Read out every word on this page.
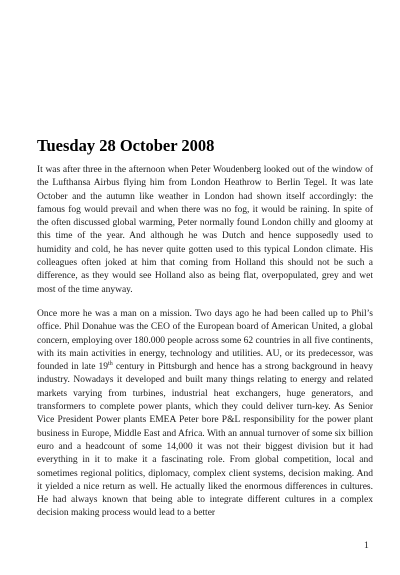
Tuesday 28 October 2008

It was after three in the afternoon when Peter Woudenberg looked out of the window of the Lufthansa Airbus flying him from London Heathrow to Berlin Tegel. It was late October and the autumn like weather in London had shown itself accordingly: the famous fog would prevail and when there was no fog, it would be raining. In spite of the often discussed global warming, Peter normally found London chilly and gloomy at this time of the year. And although he was Dutch and hence supposedly used to humidity and cold, he has never quite gotten used to this typical London climate. His colleagues often joked at him that coming from Holland this should not be such a difference, as they would see Holland also as being flat, overpopulated, grey and wet most of the time anyway.

Once more he was a man on a mission. Two days ago he had been called up to Phil’s office. Phil Donahue was the CEO of the European board of American United, a global concern, employing over 180.000 people across some 62 countries in all five continents, with its main activities in energy, technology and utilities. AU, or its predecessor, was founded in late 19th century in Pittsburgh and hence has a strong background in heavy industry. Nowadays it developed and built many things relating to energy and related markets varying from turbines, industrial heat exchangers, huge generators, and transformers to complete power plants, which they could deliver turn-key. As Senior Vice President Power plants EMEA Peter bore P&L responsibility for the power plant business in Europe, Middle East and Africa. With an annual turnover of some six billion euro and a headcount of some 14,000 it was not their biggest division but it had everything in it to make it a fascinating role. From global competition, local and sometimes regional politics, diplomacy, complex client systems, decision making. And it yielded a nice return as well. He actually liked the enormous differences in cultures. He had always known that being able to integrate different cultures in a complex decision making process would lead to a better

1
